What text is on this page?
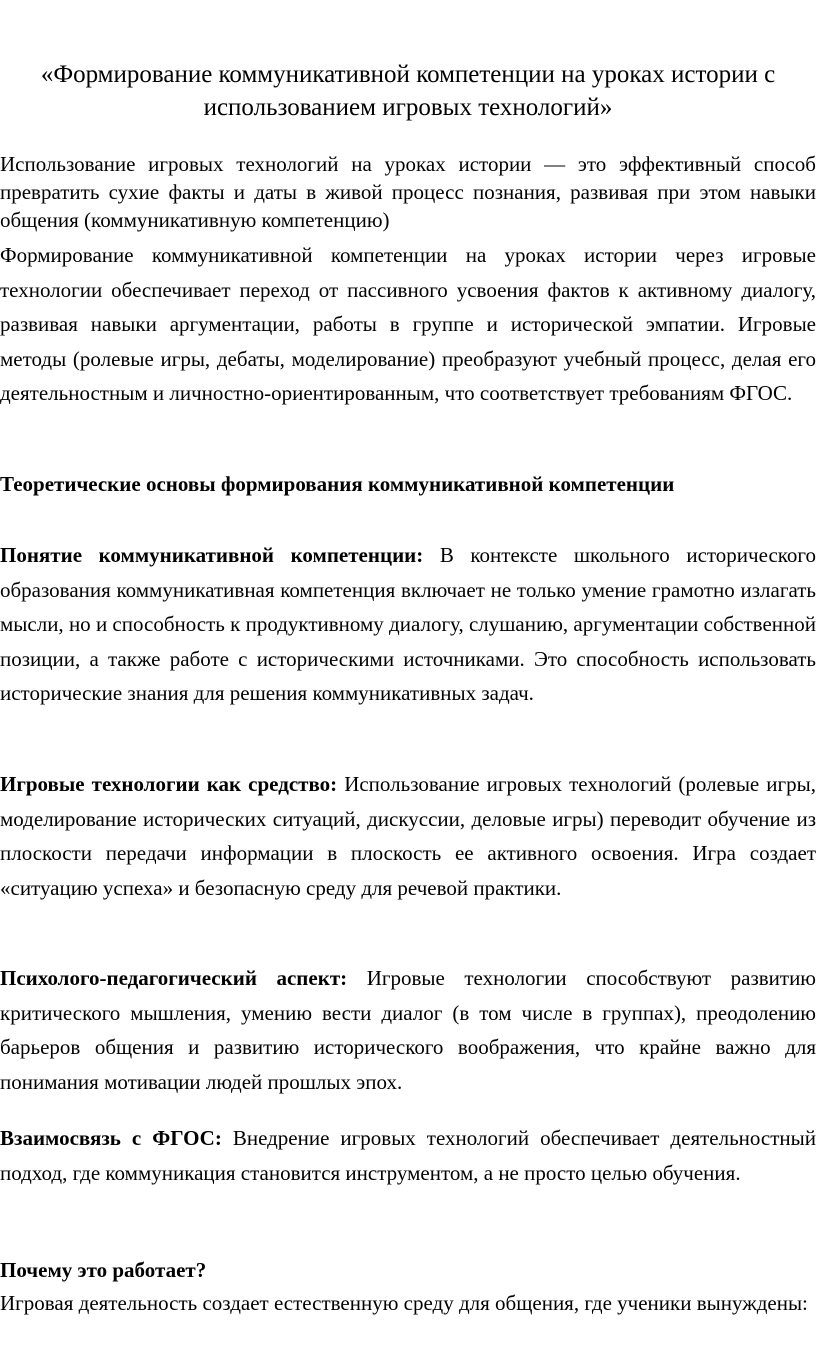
«Формирование коммуникативной компетенции на уроках истории с использованием игровых технологий»

Использование игровых технологий на уроках истории — это эффективный способ превратить сухие факты и даты в живой процесс познания, развивая при этом навыки общения (коммуникативную компетенцию)

Формирование коммуникативной компетенции на уроках истории через игровые технологии обеспечивает переход от пассивного усвоения фактов к активному диалогу, развивая навыки аргументации, работы в группе и исторической эмпатии. Игровые методы (ролевые игры, дебаты, моделирование) преобразуют учебный процесс, делая его деятельностным и личностно-ориентированным, что соответствует требованиям ФГОС.

Теоретические основы формирования коммуникативной компетенции

Понятие коммуникативной компетенции: В контексте школьного исторического образования коммуникативная компетенция включает не только умение грамотно излагать мысли, но и способность к продуктивному диалогу, слушанию, аргументации собственной позиции, а также работе с историческими источниками. Это способность использовать исторические знания для решения коммуникативных задач.

Игровые технологии как средство: Использование игровых технологий (ролевые игры, моделирование исторических ситуаций, дискуссии, деловые игры) переводит обучение из плоскости передачи информации в плоскость ее активного освоения. Игра создает «ситуацию успеха» и безопасную среду для речевой практики.

Психолого-педагогический аспект: Игровые технологии способствуют развитию критического мышления, умению вести диалог (в том числе в группах), преодолению барьеров общения и развитию исторического воображения, что крайне важно для понимания мотивации людей прошлых эпох.

Взаимосвязь с ФГОС: Внедрение игровых технологий обеспечивает деятельностный подход, где коммуникация становится инструментом, а не просто целью обучения.

Почему это работает?

Игровая деятельность создает естественную среду для общения, где ученики вынуждены:
